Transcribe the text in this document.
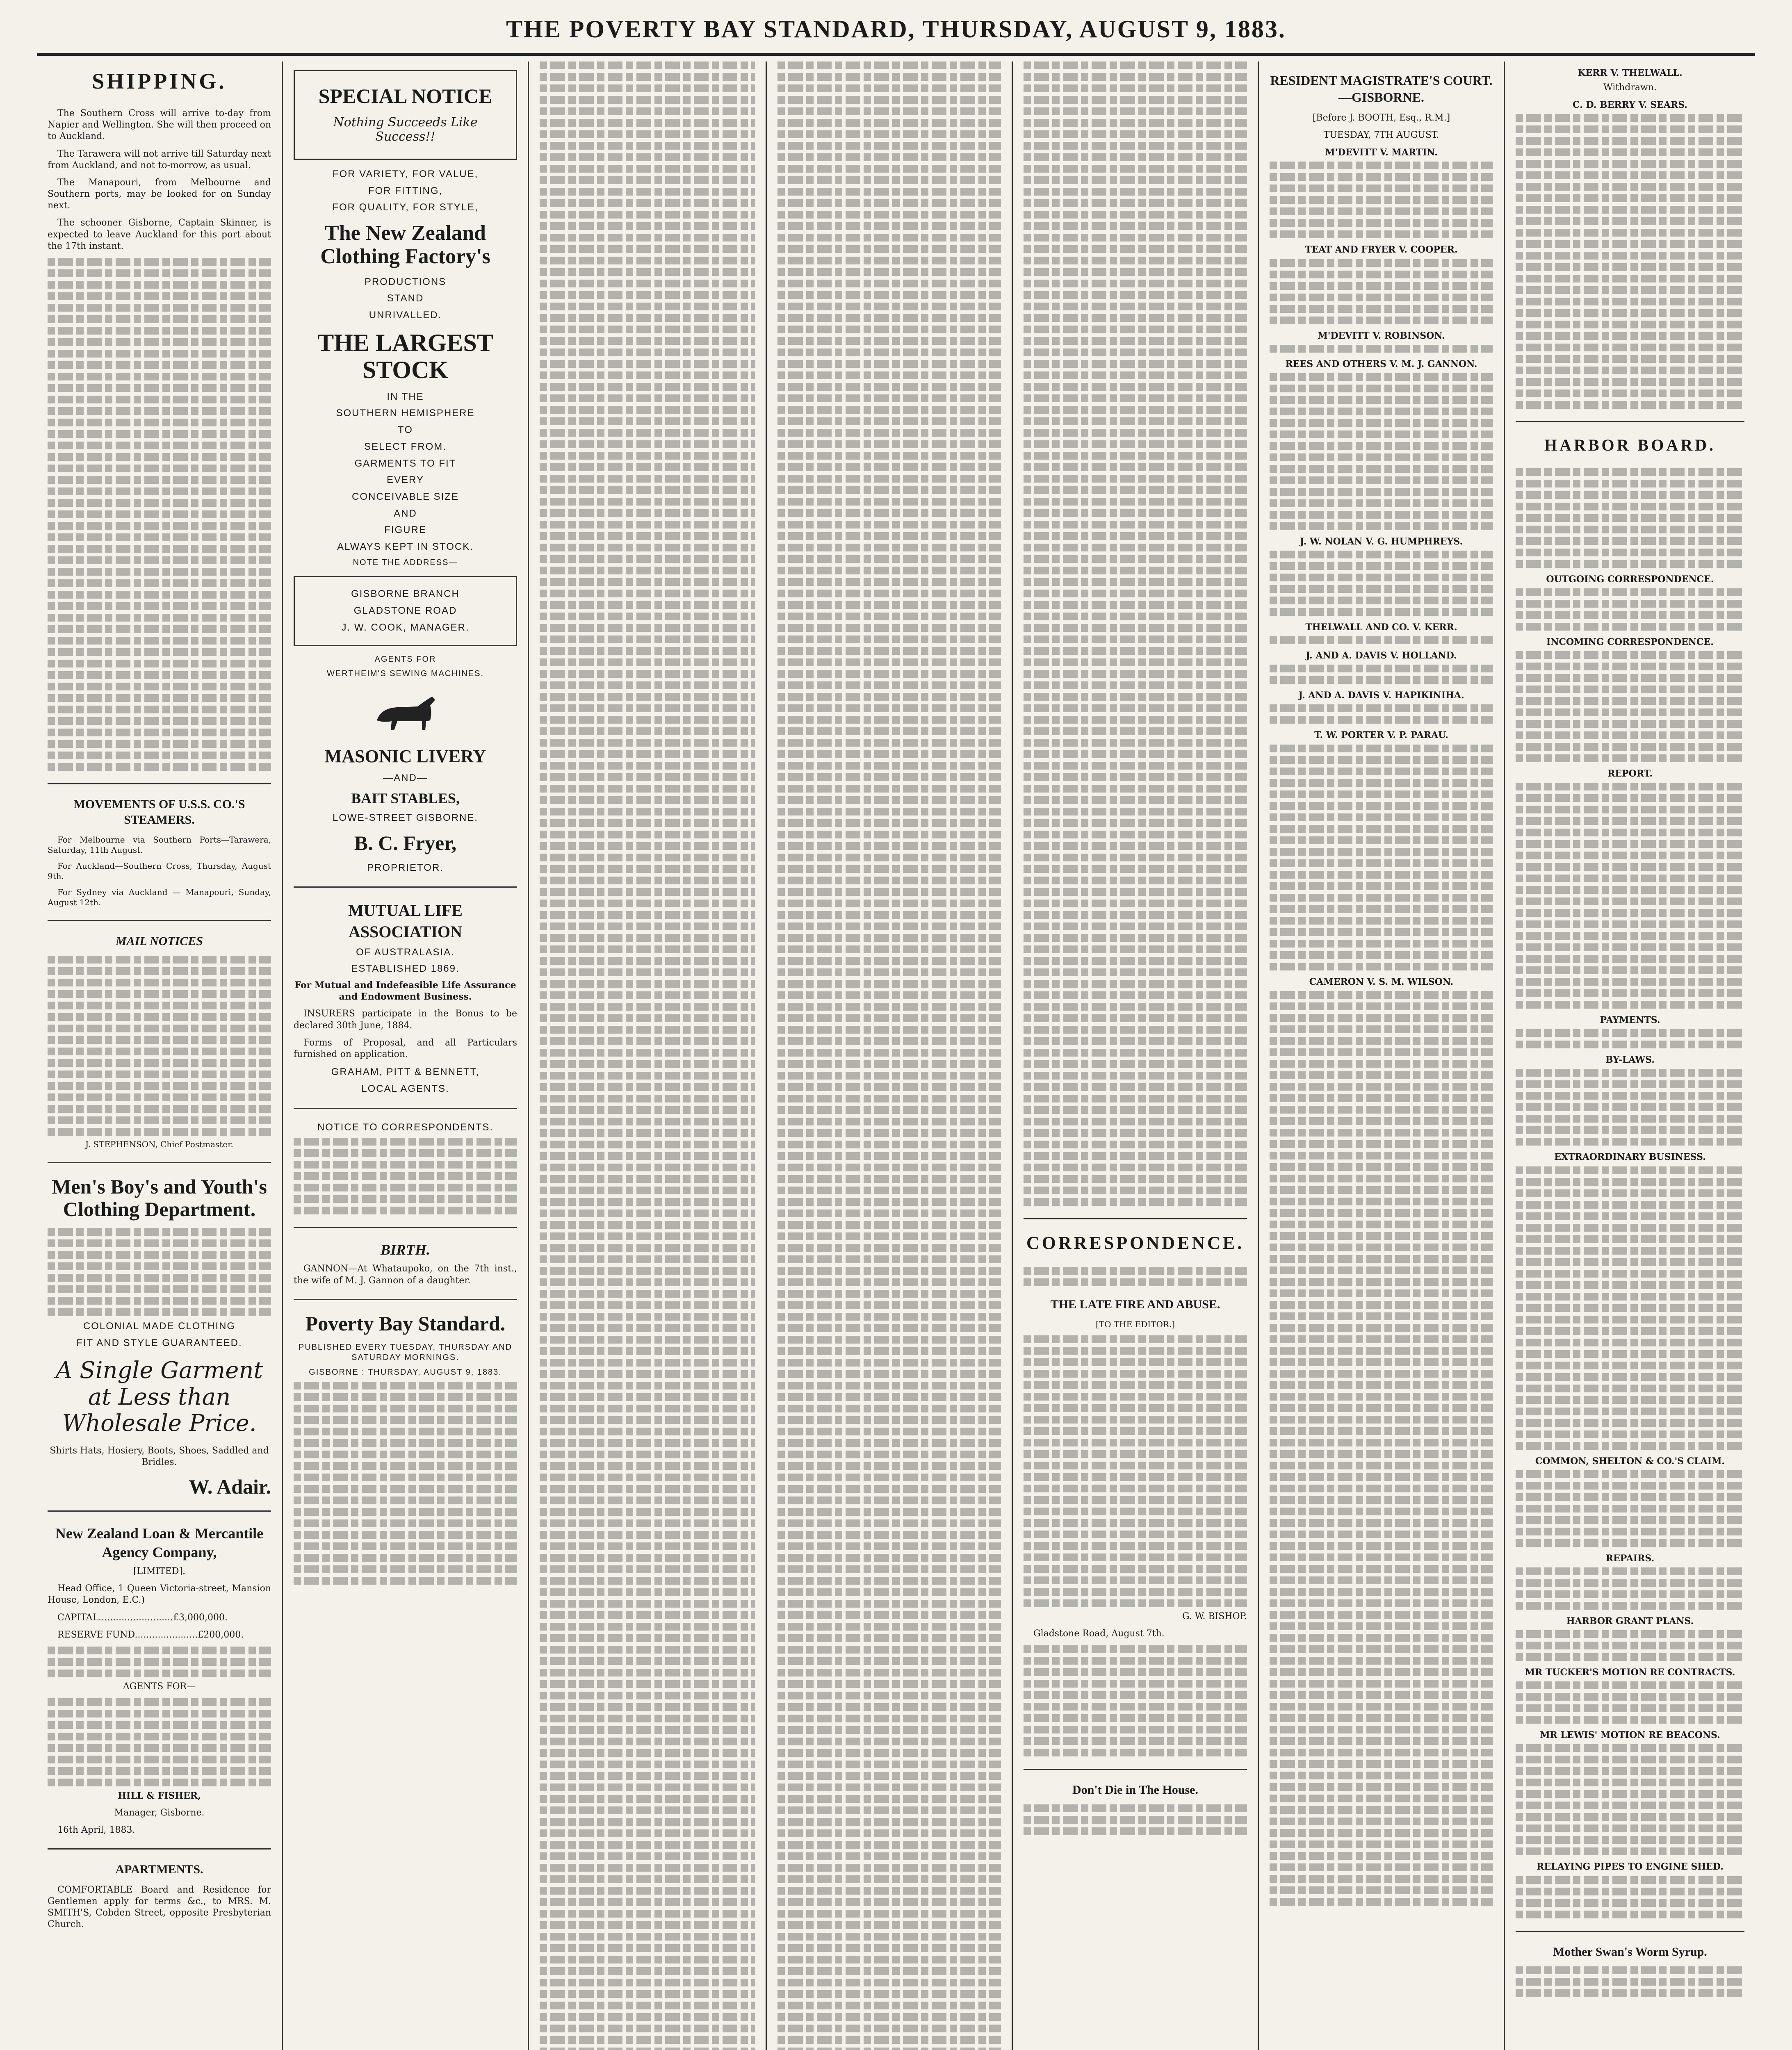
THE POVERTY BAY STANDARD, THURSDAY, AUGUST 9, 1883.
SHIPPING.

The Southern Cross will arrive to-day from Napier and Wellington. She will then proceed on to Auckland.

The Tarawera will not arrive till Saturday next from Auckland, and not to-morrow, as usual.

The Manapouri, from Melbourne and Southern ports, may be looked for on Sunday next.

The schooner Gisborne, Captain Skinner, is expected to leave Auckland for this port about the 17th instant.

MOVEMENTS OF U.S.S. CO.'S STEAMERS.

For Melbourne via Southern Ports—Tarawera, Saturday, 11th August.

For Auckland—Southern Cross, Thursday, August 9th.

For Sydney via Auckland — Manapouri, Sunday, August 12th.

MAIL NOTICES

J. STEPHENSON, Chief Postmaster.

Men's Boy's and Youth's Clothing Department.
COLONIAL MADE CLOTHING
FIT AND STYLE GUARANTEED.
A Single Garment at Less than Wholesale Price.

Shirts Hats, Hosiery, Boots, Shoes, Saddled and Bridles.

W. Adair.
New Zealand Loan & Mercantile Agency Company,

[LIMITED].

Head Office, 1 Queen Victoria-street, Mansion House, London, E.C.)

CAPITAL..........................£3,000,000.

RESERVE FUND......................£200,000.

AGENTS FOR—

HILL & FISHER,

Manager, Gisborne.

16th April, 1883.

APARTMENTS.

COMFORTABLE Board and Residence for Gentlemen apply for terms &c., to MRS. M. SMITH'S, Cobden Street, opposite Presbyterian Church.

SPECIAL NOTICE
Nothing Succeeds Like Success!!
FOR VARIETY, FOR VALUE,
FOR FITTING,
FOR QUALITY, FOR STYLE,
The New Zealand Clothing Factory's
PRODUCTIONS
STAND
UNRIVALLED.
THE LARGEST STOCK
IN THE
SOUTHERN HEMISPHERE
TO
SELECT FROM.
GARMENTS TO FIT
EVERY
CONCEIVABLE SIZE
AND
FIGURE
ALWAYS KEPT IN STOCK.
NOTE THE ADDRESS—
GISBORNE BRANCH
GLADSTONE ROAD
J. W. COOK, MANAGER.
AGENTS FOR
WERTHEIM'S SEWING MACHINES.
MASONIC LIVERY
—AND—
BAIT STABLES,
LOWE-STREET GISBORNE.
B. C. Fryer,
PROPRIETOR.
MUTUAL LIFE ASSOCIATION
OF AUSTRALASIA.
ESTABLISHED 1869.

For Mutual and Indefeasible Life Assurance and Endowment Business.

INSURERS participate in the Bonus to be declared 30th June, 1884.

Forms of Proposal, and all Particulars furnished on application.

GRAHAM, PITT & BENNETT,
LOCAL AGENTS.
NOTICE TO CORRESPONDENTS.
BIRTH.

GANNON—At Whataupoko, on the 7th inst., the wife of M. J. Gannon of a daughter.

Poverty Bay Standard.
PUBLISHED EVERY TUESDAY, THURSDAY AND SATURDAY MORNINGS.
GISBORNE : THURSDAY, AUGUST 9, 1883.
CORRESPONDENCE.
THE LATE FIRE AND ABUSE.

[TO THE EDITOR.]

G. W. BISHOP.

Gladstone Road, August 7th.

Don't Die in The House.
RESIDENT MAGISTRATE'S COURT.—GISBORNE.

[Before J. BOOTH, Esq., R.M.]

TUESDAY, 7TH AUGUST.

M'DEVITT V. MARTIN.

TEAT AND FRYER V. COOPER.

M'DEVITT V. ROBINSON.

REES AND OTHERS V. M. J. GANNON.

J. W. NOLAN V. G. HUMPHREYS.

THELWALL AND CO. V. KERR.

J. AND A. DAVIS V. HOLLAND.

J. AND A. DAVIS V. HAPIKINIHA.

T. W. PORTER V. P. PARAU.

CAMERON V. S. M. WILSON.

KERR V. THELWALL.

Withdrawn.

C. D. BERRY V. SEARS.

HARBOR BOARD.

OUTGOING CORRESPONDENCE.

INCOMING CORRESPONDENCE.

REPORT.

PAYMENTS.

BY-LAWS.

EXTRAORDINARY BUSINESS.

COMMON, SHELTON & CO.'S CLAIM.

REPAIRS.

HARBOR GRANT PLANS.

MR TUCKER'S MOTION RE CONTRACTS.

MR LEWIS' MOTION RE BEACONS.

RELAYING PIPES TO ENGINE SHED.

Mother Swan's Worm Syrup.
